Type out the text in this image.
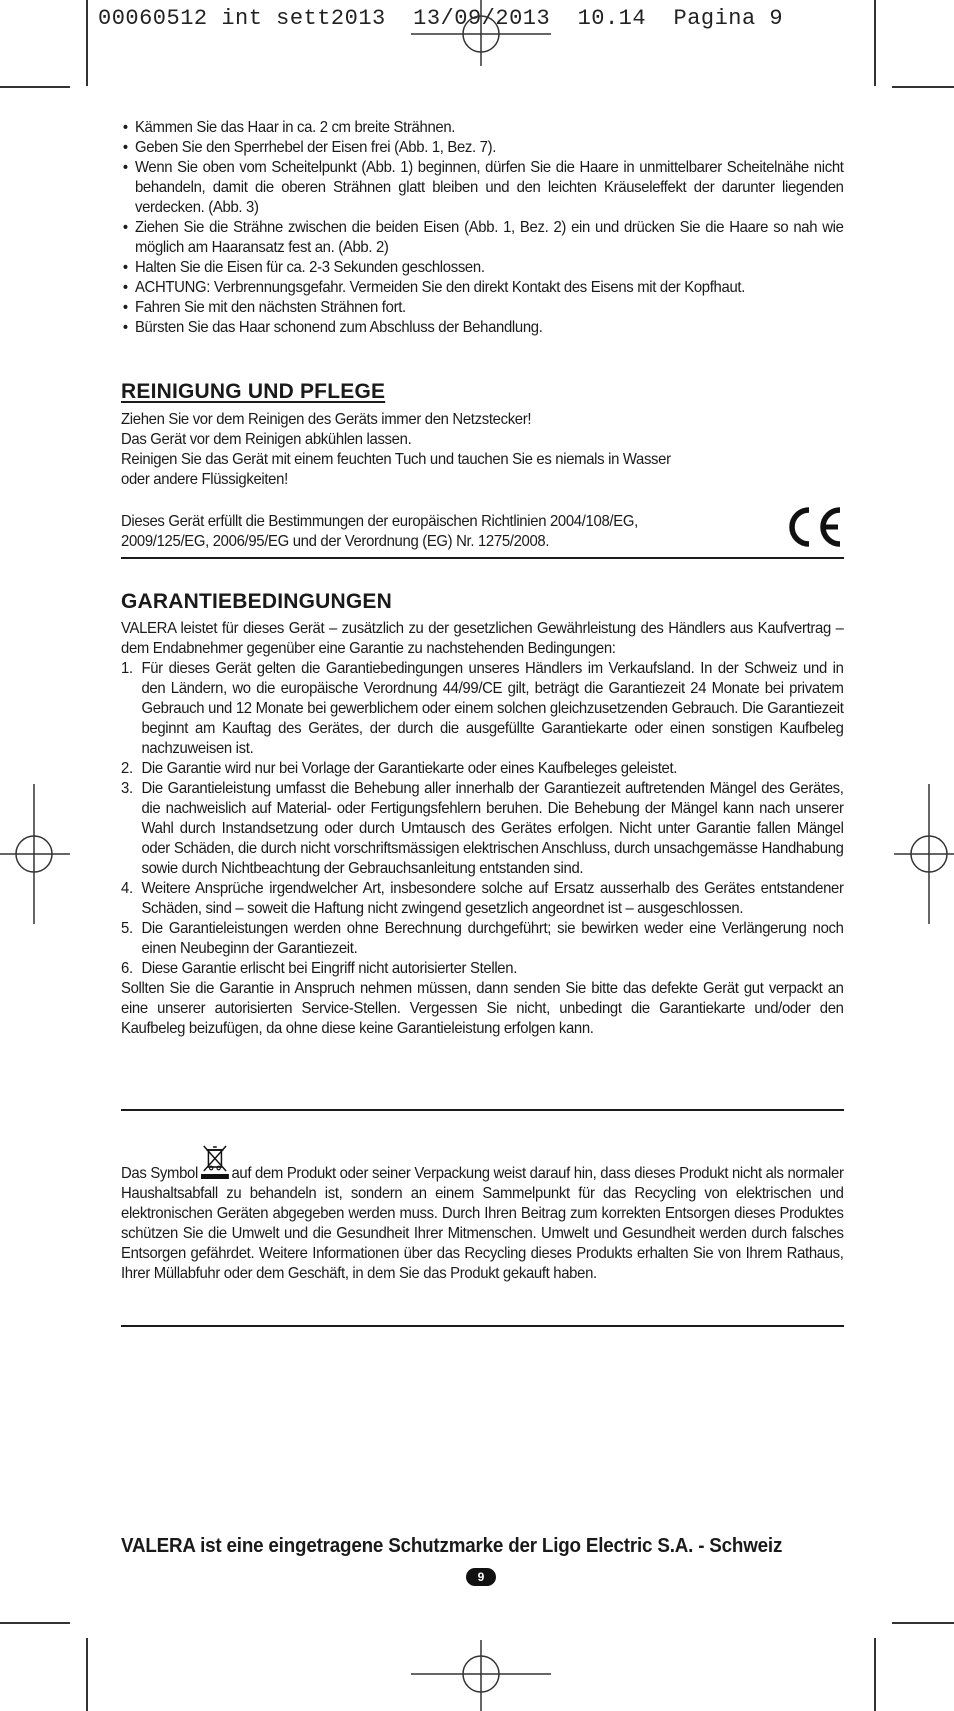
00060512 int sett2013  13/09/2013  10.14  Pagina 9
• Kämmen Sie das Haar in ca. 2 cm breite Strähnen.
• Geben Sie den Sperrhebel der Eisen frei (Abb. 1, Bez. 7).
• Wenn Sie oben vom Scheitelpunkt (Abb. 1) beginnen, dürfen Sie die Haare in unmittelbarer Scheitelnähe nicht behandeln, damit die oberen Strähnen glatt bleiben und den leichten Kräuseleffekt der darunter liegenden verdecken. (Abb. 3)
• Ziehen Sie die Strähne zwischen die beiden Eisen (Abb. 1, Bez. 2) ein und drücken Sie die Haare so nah wie möglich am Haaransatz fest an. (Abb. 2)
• Halten Sie die Eisen für ca. 2-3 Sekunden geschlossen.
• ACHTUNG: Verbrennungsgefahr. Vermeiden Sie den direkt Kontakt des Eisens mit der Kopfhaut.
• Fahren Sie mit den nächsten Strähnen fort.
• Bürsten Sie das Haar schonend zum Abschluss der Behandlung.
REINIGUNG UND PFLEGE
Ziehen Sie vor dem Reinigen des Geräts immer den Netzstecker!
Das Gerät vor dem Reinigen abkühlen lassen.
Reinigen Sie das Gerät mit einem feuchten Tuch und tauchen Sie es niemals in Wasser
oder andere Flüssigkeiten!
Dieses Gerät erfüllt die Bestimmungen der europäischen Richtlinien 2004/108/EG,
2009/125/EG, 2006/95/EG und der Verordnung (EG) Nr. 1275/2008.
GARANTIEBEDINGUNGEN
VALERA leistet für dieses Gerät – zusätzlich zu der gesetzlichen Gewährleistung des Händlers aus Kaufvertrag – dem Endabnehmer gegenüber eine Garantie zu nachstehenden Bedingungen:
1. Für dieses Gerät gelten die Garantiebedingungen unseres Händlers im Verkaufsland. In der Schweiz und in den Ländern, wo die europäische Verordnung 44/99/CE gilt, beträgt die Garantiezeit 24 Monate bei privatem Gebrauch und 12 Monate bei gewerblichem oder einem solchen gleichzusetzenden Gebrauch. Die Garantiezeit beginnt am Kauftag des Gerätes, der durch die ausgefüllte Garantiekarte oder einen sonstigen Kaufbeleg nachzuweisen ist.
2. Die Garantie wird nur bei Vorlage der Garantiekarte oder eines Kaufbeleges geleistet.
3. Die Garantieleistung umfasst die Behebung aller innerhalb der Garantiezeit auftretenden Mängel des Gerätes, die nachweislich auf Material- oder Fertigungsfehlern beruhen. Die Behebung der Mängel kann nach unserer Wahl durch Instandsetzung oder durch Umtausch des Gerätes erfolgen. Nicht unter Garantie fallen Mängel oder Schäden, die durch nicht vorschriftsmässigen elektrischen Anschluss, durch unsachgemässe Handhabung sowie durch Nichtbeachtung der Gebrauchsanleitung entstanden sind.
4. Weitere Ansprüche irgendwelcher Art, insbesondere solche auf Ersatz ausserhalb des Gerätes entstandener Schäden, sind – soweit die Haftung nicht zwingend gesetzlich angeordnet ist – ausgeschlossen.
5. Die Garantieleistungen werden ohne Berechnung durchgeführt; sie bewirken weder eine Verlängerung noch einen Neubeginn der Garantiezeit.
6. Diese Garantie erlischt bei Eingriff nicht autorisierter Stellen.
Sollten Sie die Garantie in Anspruch nehmen müssen, dann senden Sie bitte das defekte Gerät gut verpackt an eine unserer autorisierten Service-Stellen. Vergessen Sie nicht, unbedingt die Garantiekarte und/oder den Kaufbeleg beizufügen, da ohne diese keine Garantieleistung erfolgen kann.
Das Symbol auf dem Produkt oder seiner Verpackung weist darauf hin, dass dieses Produkt nicht als normaler Haushaltsabfall zu behandeln ist, sondern an einem Sammelpunkt für das Recycling von elektrischen und elektronischen Geräten abgegeben werden muss. Durch Ihren Beitrag zum korrekten Entsorgen dieses Produktes schützen Sie die Umwelt und die Gesundheit Ihrer Mitmenschen. Umwelt und Gesundheit werden durch falsches Entsorgen gefährdet. Weitere Informationen über das Recycling dieses Produkts erhalten Sie von Ihrem Rathaus, Ihrer Müllabfuhr oder dem Geschäft, in dem Sie das Produkt gekauft haben.
VALERA ist eine eingetragene Schutzmarke der Ligo Electric S.A. - Schweiz
9
